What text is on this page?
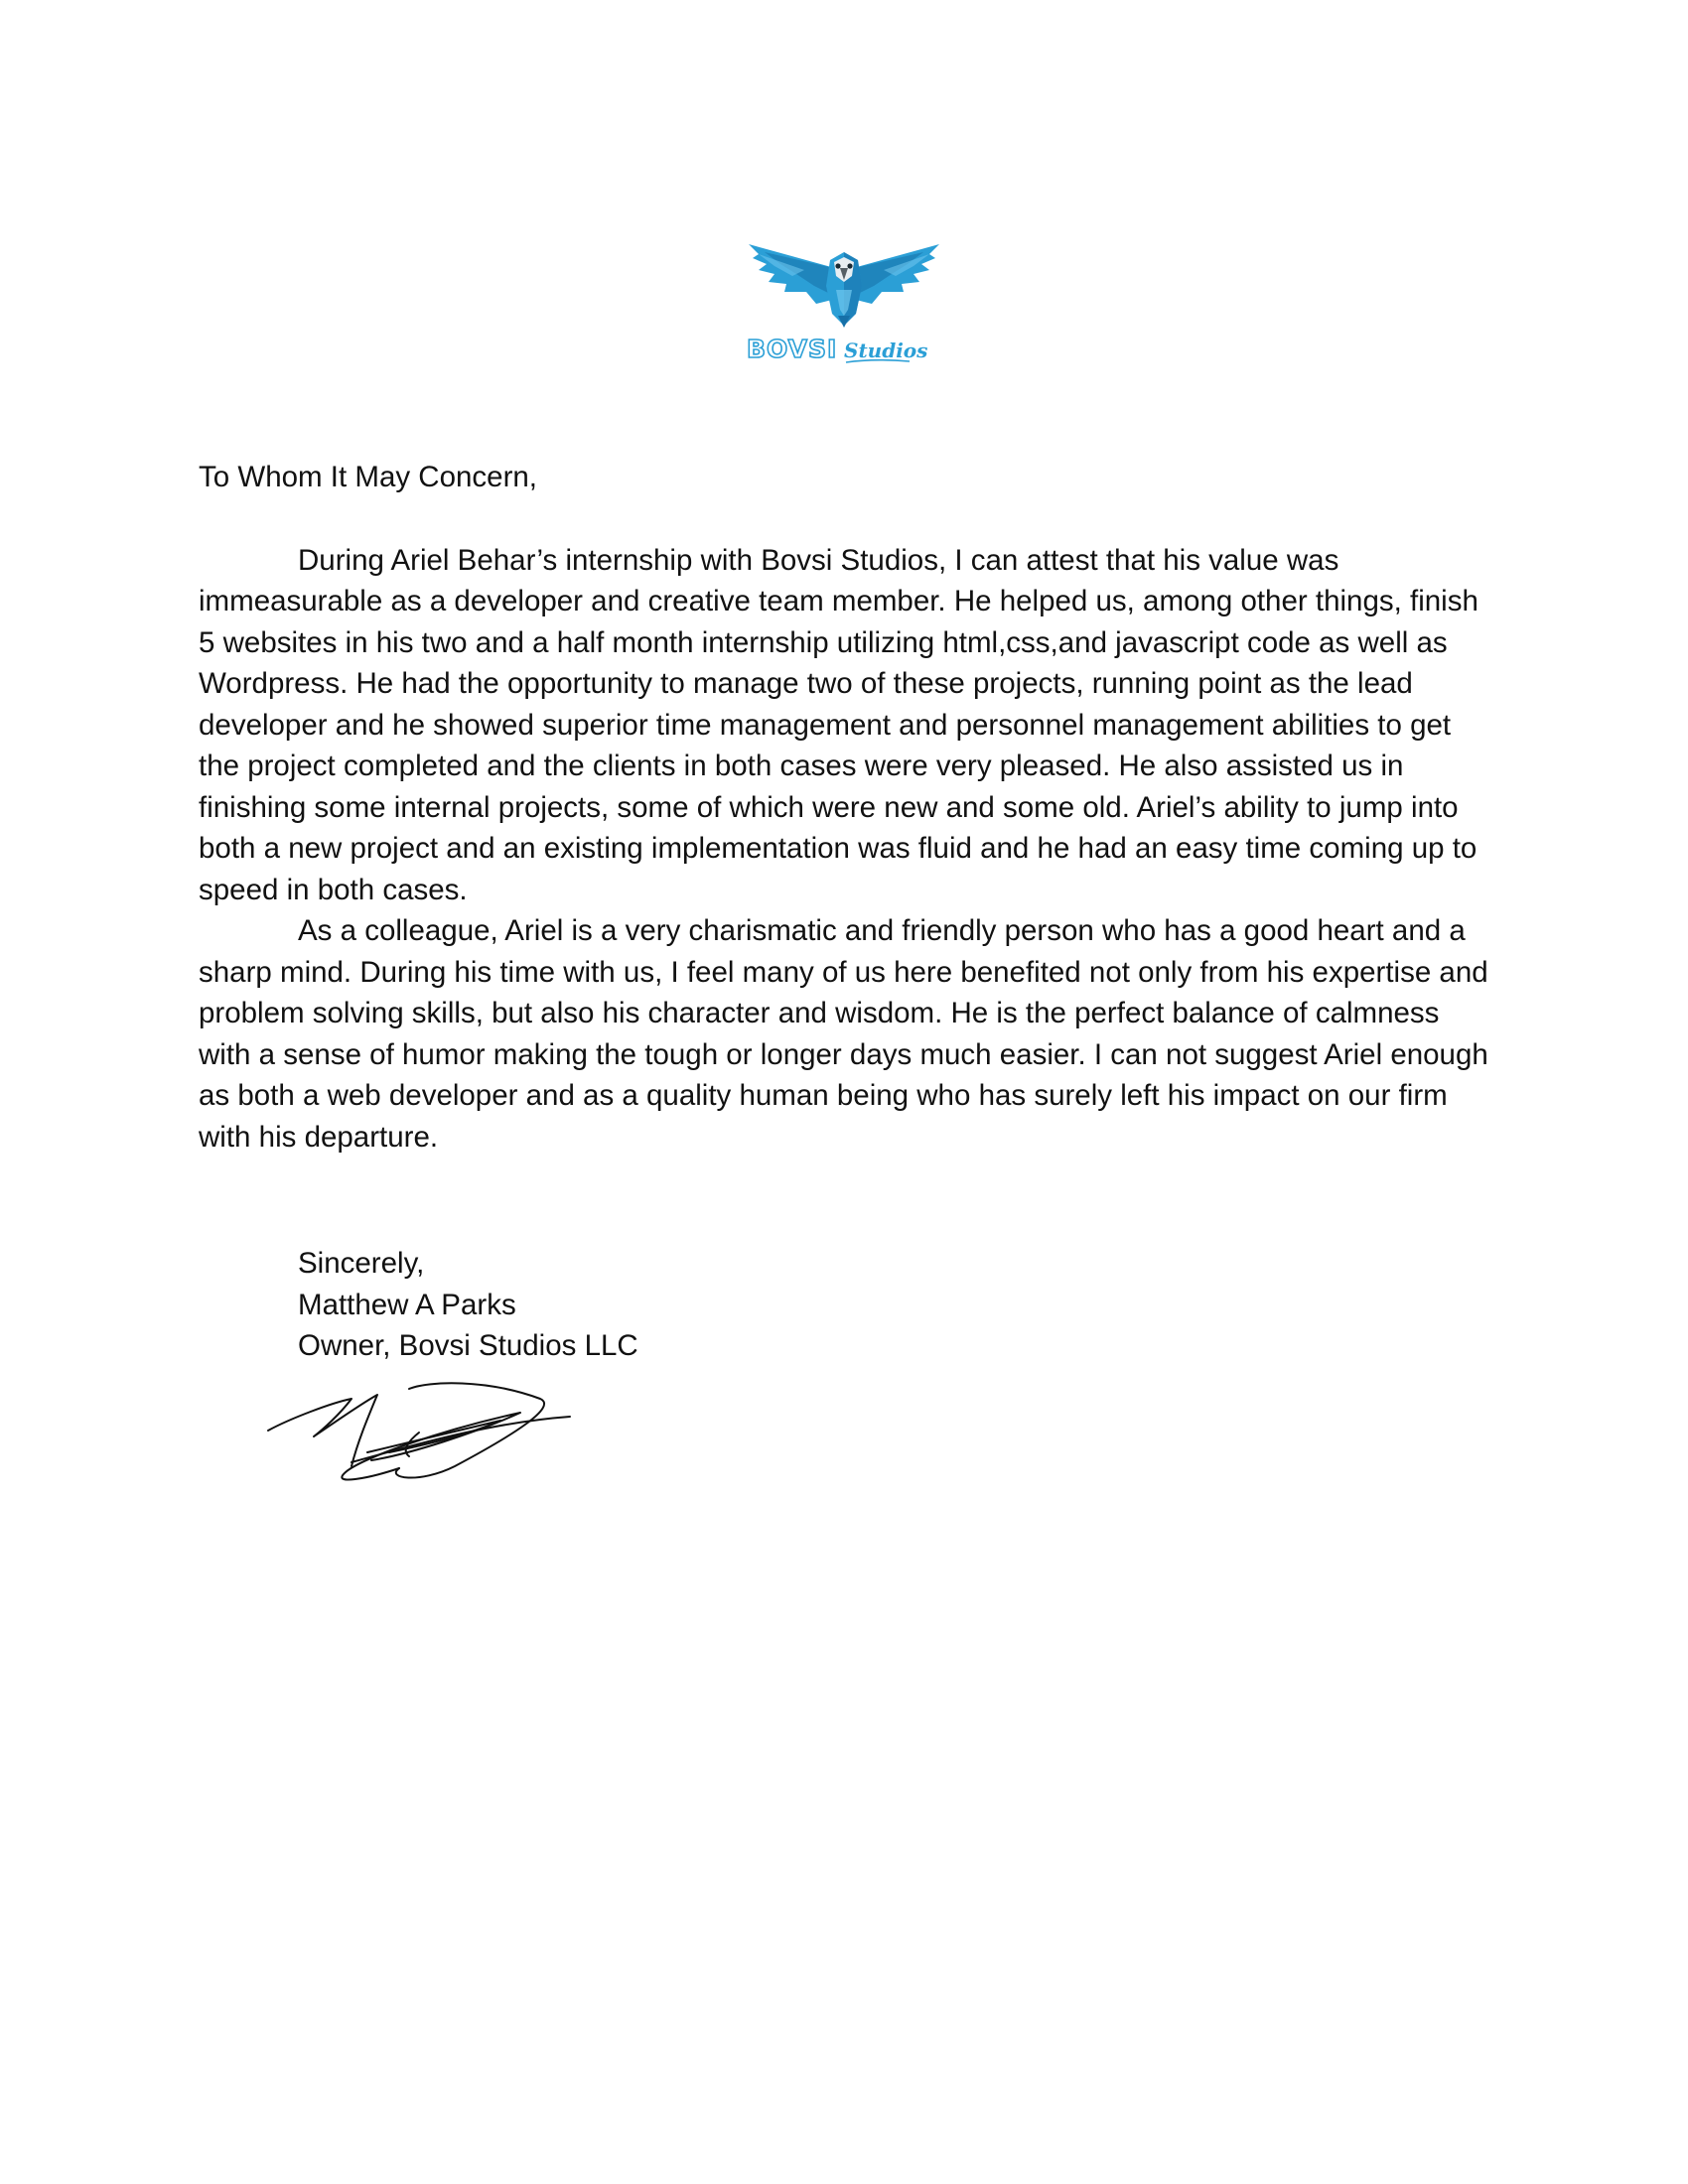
BOVSI Studios

To Whom It May Concern,

During Ariel Behar’s internship with Bovsi Studios, I can attest that his value was immeasurable as a developer and creative team member. He helped us, among other things, finish 5 websites in his two and a half month internship utilizing html,css,and javascript code as well as Wordpress. He had the opportunity to manage two of these projects, running point as the lead developer and he showed superior time management and personnel management abilities to get the project completed and the clients in both cases were very pleased. He also assisted us in finishing some internal projects, some of which were new and some old. Ariel’s ability to jump into both a new project and an existing implementation was fluid and he had an easy time coming up to speed in both cases.

As a colleague, Ariel is a very charismatic and friendly person who has a good heart and a sharp mind. During his time with us, I feel many of us here benefited not only from his expertise and problem solving skills, but also his character and wisdom. He is the perfect balance of calmness with a sense of humor making the tough or longer days much easier. I can not suggest Ariel enough as both a web developer and as a quality human being who has surely left his impact on our firm with his departure.

Sincerely,
Matthew A Parks
Owner, Bovsi Studios LLC
